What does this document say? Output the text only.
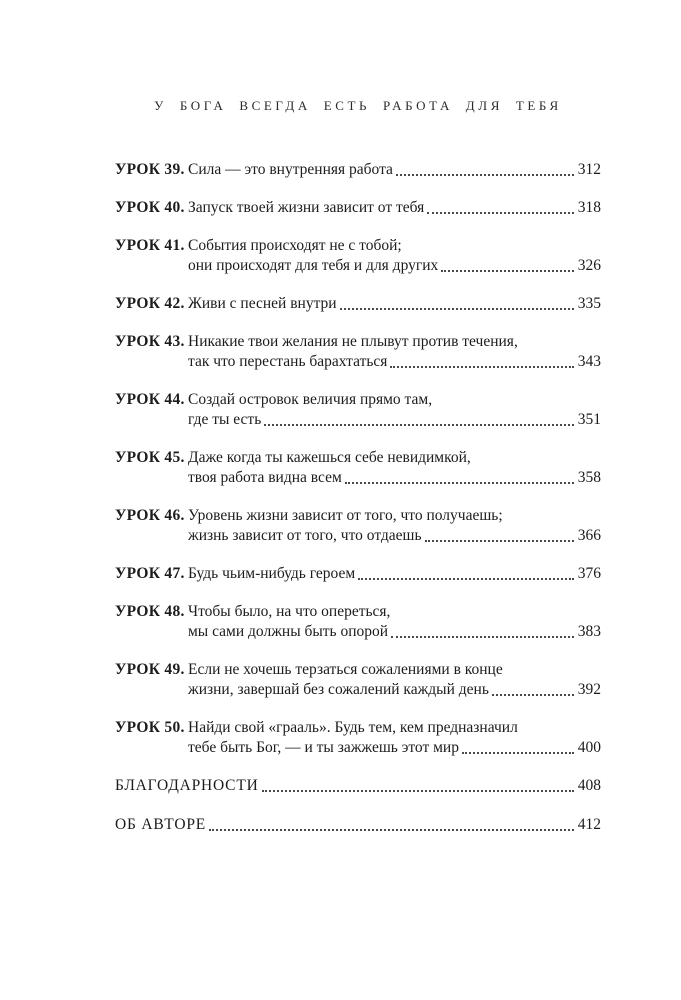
У БОГА ВСЕГДА ЕСТЬ РАБОТА ДЛЯ ТЕБЯ
УРОК 39. Сила — это внутренняя работа	312
УРОК 40. Запуск твоей жизни зависит от тебя	318
УРОК 41. События происходят не с тобой;
они происходят для тебя и для других	326
УРОК 42. Живи с песней внутри	335
УРОК 43. Никакие твои желания не плывут против течения,
так что перестань барахтаться	343
УРОК 44. Создай островок величия прямо там,
где ты есть	351
УРОК 45. Даже когда ты кажешься себе невидимкой,
твоя работа видна всем	358
УРОК 46. Уровень жизни зависит от того, что получаешь;
жизнь зависит от того, что отдаешь	366
УРОК 47. Будь чьим-нибудь героем	376
УРОК 48. Чтобы было, на что опереться,
мы сами должны быть опорой	383
УРОК 49. Если не хочешь терзаться сожалениями в конце
жизни, завершай без сожалений каждый день	392
УРОК 50. Найди свой «грааль». Будь тем, кем предназначил
тебе быть Бог, — и ты зажжешь этот мир	400
БЛАГОДАРНОСТИ	408
ОБ АВТОРЕ	412
